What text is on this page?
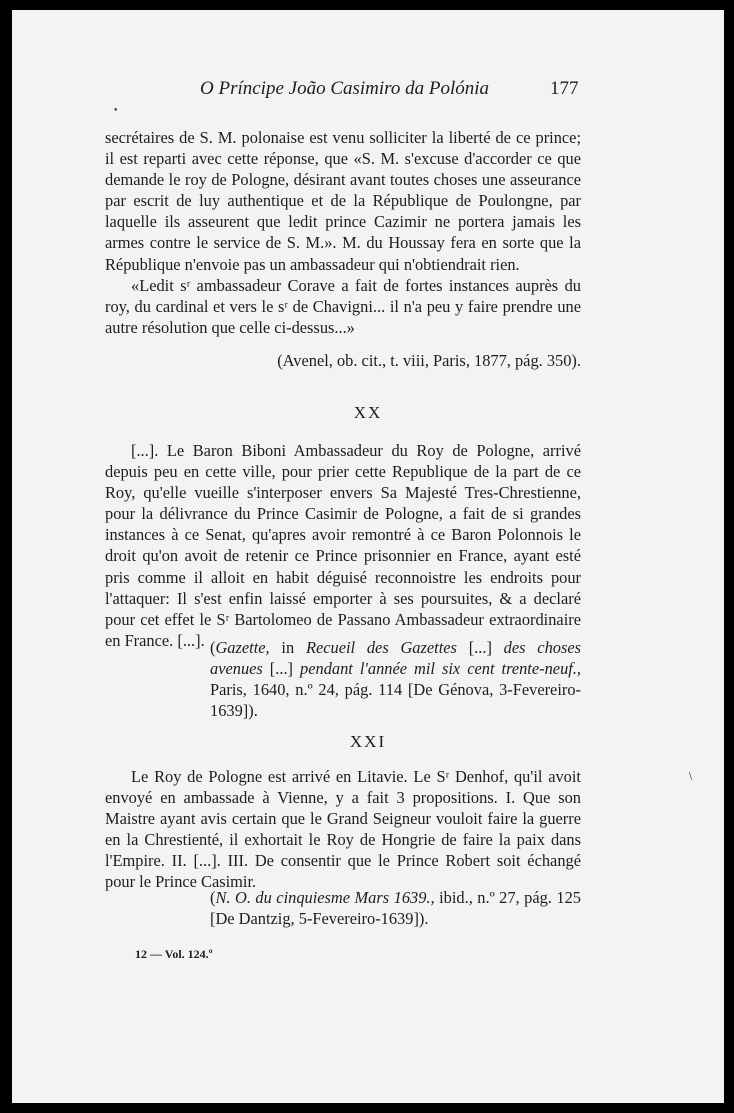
O Príncipe João Casimiro da Polónia	177

secrétaires de S. M. polonaise est venu solliciter la liberté de ce prince; il est reparti avec cette réponse, que «S. M. s'excuse d'accorder ce que demande le roy de Pologne, désirant avant toutes choses une asseurance par escrit de luy authentique et de la République de Poulongne, par laquelle ils asseurent que ledit prince Cazimir ne portera jamais les armes contre le service de S. M.». M. du Houssay fera en sorte que la République n'envoie pas un ambassadeur qui n'obtiendrait rien.

«Ledit sʳ ambassadeur Corave a fait de fortes instances auprès du roy, du cardinal et vers le sʳ de Chavigni... il n'a peu y faire prendre une autre résolution que celle ci-dessus...»

(Avenel, ob. cit., t. viii, Paris, 1877, pág. 350).
XX

[...]. Le Baron Biboni Ambassadeur du Roy de Pologne, arrivé depuis peu en cette ville, pour prier cette Republique de la part de ce Roy, qu'elle vueille s'interposer envers Sa Majesté Tres-Chrestienne, pour la délivrance du Prince Casimir de Pologne, a fait de si grandes instances à ce Senat, qu'apres avoir remontré à ce Baron Polonnois le droit qu'on avoit de retenir ce Prince prisonnier en France, ayant esté pris comme il alloit en habit déguisé reconnoistre les endroits pour l'attaquer: Il s'est enfin laissé emporter à ses poursuites, & a declaré pour cet effet le Sʳ Bartolomeo de Passano Ambassadeur extraordinaire en France. [...]. (Gazette, in Recueil des Gazettes [...] des choses avenues [...] pendant l'année mil six cent trente-neuf., Paris, 1640, n.º 24, pág. 114 [De Génova, 3-Fevereiro-1639]).
XXI

Le Roy de Pologne est arrivé en Litavie. Le Sʳ Denhof, qu'il avoit envoyé en ambassade à Vienne, y a fait 3 propositions. I. Que son Maistre ayant avis certain que le Grand Seigneur vouloit faire la guerre en la Chrestienté, il exhortait le Roy de Hongrie de faire la paix dans l'Empire. II. [...]. III. De consentir que le Prince Robert soit échangé pour le Prince Casimir.

(N. O. du cinquiesme Mars 1639., ibid., n.º 27, pág. 125 [De Dantzig, 5-Fevereiro-1639]).
12 — Vol. 124.º
•
\
